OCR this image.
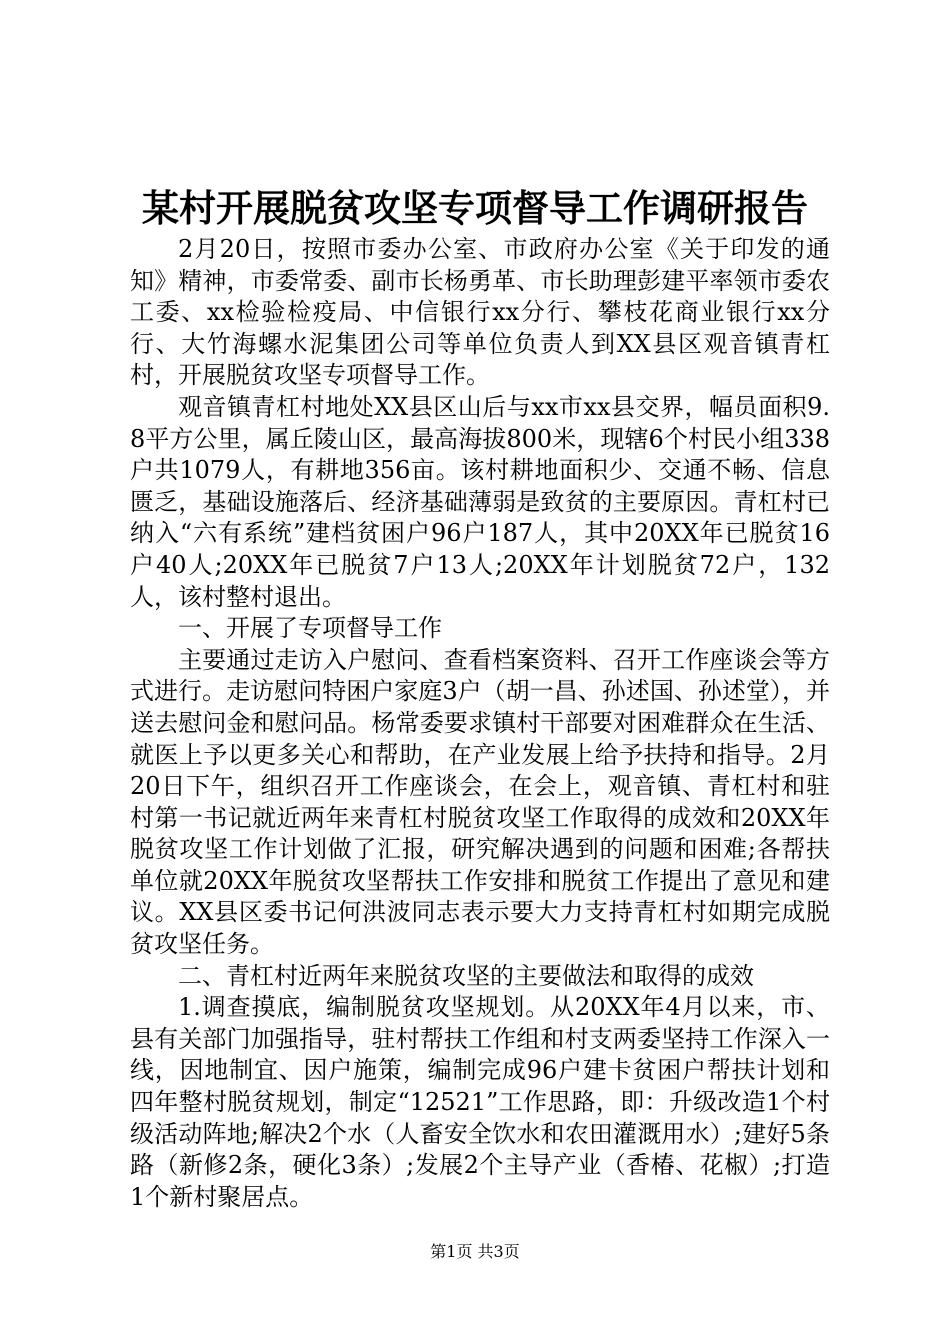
某村开展脱贫攻坚专项督导工作调研报告

2月20日，按照市委办公室、市政府办公室《关于印发的通知》精神，市委常委、副市长杨勇革、市长助理彭建平率领市委农工委、xx检验检疫局、中信银行xx分行、攀枝花商业银行xx分行、大竹海螺水泥集团公司等单位负责人到XX县区观音镇青杠村，开展脱贫攻坚专项督导工作。

观音镇青杠村地处XX县区山后与xx市xx县交界，幅员面积9.8平方公里，属丘陵山区，最高海拔800米，现辖6个村民小组338户共1079人，有耕地356亩。该村耕地面积少、交通不畅、信息匮乏，基础设施落后、经济基础薄弱是致贫的主要原因。青杠村已纳入“六有系统”建档贫困户96户187人，其中20XX年已脱贫16户40人;20XX年已脱贫7户13人;20XX年计划脱贫72户，132人，该村整村退出。

一、开展了专项督导工作

主要通过走访入户慰问、查看档案资料、召开工作座谈会等方式进行。走访慰问特困户家庭3户（胡一昌、孙述国、孙述堂），并送去慰问金和慰问品。杨常委要求镇村干部要对困难群众在生活、就医上予以更多关心和帮助，在产业发展上给予扶持和指导。2月20日下午，组织召开工作座谈会，在会上，观音镇、青杠村和驻村第一书记就近两年来青杠村脱贫攻坚工作取得的成效和20XX年脱贫攻坚工作计划做了汇报，研究解决遇到的问题和困难;各帮扶单位就20XX年脱贫攻坚帮扶工作安排和脱贫工作提出了意见和建议。XX县区委书记何洪波同志表示要大力支持青杠村如期完成脱贫攻坚任务。

二、青杠村近两年来脱贫攻坚的主要做法和取得的成效

1.调查摸底，编制脱贫攻坚规划。从20XX年4月以来，市、县有关部门加强指导，驻村帮扶工作组和村支两委坚持工作深入一线，因地制宜、因户施策，编制完成96户建卡贫困户帮扶计划和四年整村脱贫规划，制定“12521”工作思路，即：升级改造1个村级活动阵地;解决2个水（人畜安全饮水和农田灌溉用水）;建好5条路（新修2条，硬化3条）;发展2个主导产业（香椿、花椒）;打造1个新村聚居点。

第1页 共3页
